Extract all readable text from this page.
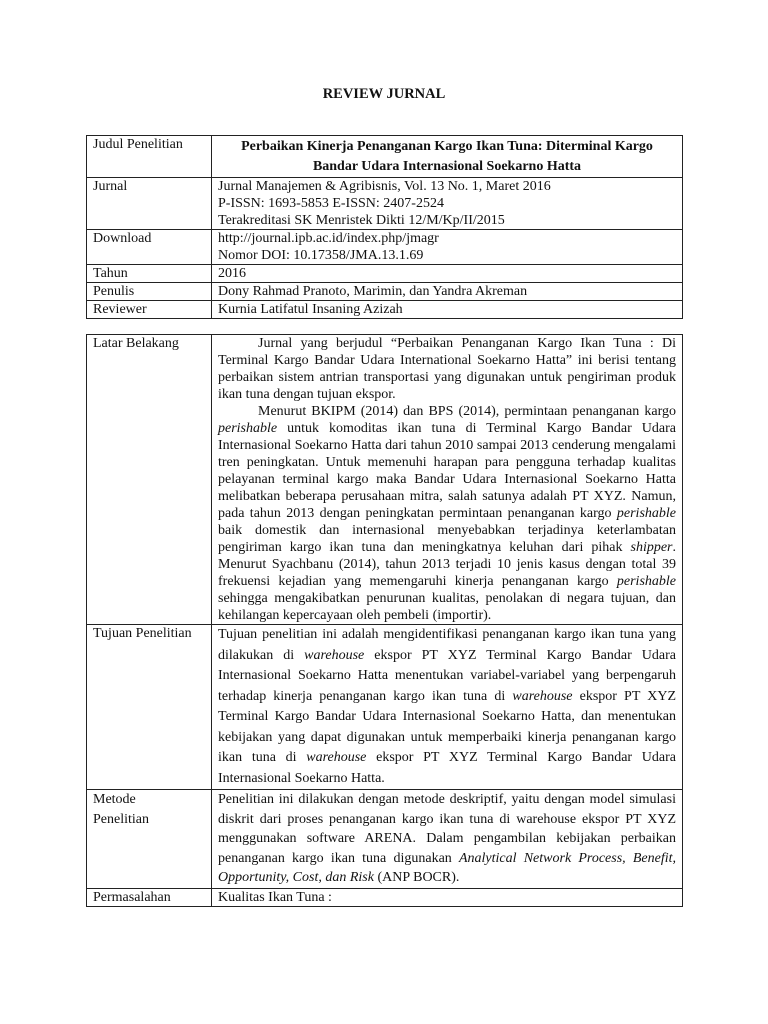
REVIEW JURNAL
Judul Penelitian	Perbaikan Kinerja Penanganan Kargo Ikan Tuna: Diterminal Kargo Bandar Udara Internasional Soekarno Hatta
Jurnal	Jurnal Manajemen & Agribisnis, Vol. 13 No. 1, Maret 2016
P-ISSN: 1693-5853 E-ISSN: 2407-2524
Terakreditasi SK Menristek Dikti 12/M/Kp/II/2015

Download	http://journal.ipb.ac.id/index.php/jmagr
Nomor DOI: 10.17358/JMA.13.1.69

Tahun	2016
Penulis	Dony Rahmad Pranoto, Marimin, dan Yandra Akreman
Reviewer	Kurnia Latifatul Insaning Azizah
Latar Belakang	Jurnal yang berjudul “Perbaikan Penanganan Kargo Ikan Tuna : Di Terminal Kargo Bandar Udara International Soekarno Hatta” ini berisi tentang perbaikan sistem antrian transportasi yang digunakan untuk pengiriman produk ikan tuna dengan tujuan ekspor.

Menurut BKIPM (2014) dan BPS (2014), permintaan penanganan kargo perishable untuk komoditas ikan tuna di Terminal Kargo Bandar Udara Internasional Soekarno Hatta dari tahun 2010 sampai 2013 cenderung mengalami tren peningkatan. Untuk memenuhi harapan para pengguna terhadap kualitas pelayanan terminal kargo maka Bandar Udara Internasional Soekarno Hatta melibatkan beberapa perusahaan mitra, salah satunya adalah PT XYZ. Namun, pada tahun 2013 dengan peningkatan permintaan penanganan kargo perishable baik domestik dan internasional menyebabkan terjadinya keterlambatan pengiriman kargo ikan tuna dan meningkatnya keluhan dari pihak shipper. Menurut Syachbanu (2014), tahun 2013 terjadi 10 jenis kasus dengan total 39 frekuensi kejadian yang memengaruhi kinerja penanganan kargo perishable sehingga mengakibatkan penurunan kualitas, penolakan di negara tujuan, dan kehilangan kepercayaan oleh pembeli (importir).

Tujuan Penelitian	Tujuan penelitian ini adalah mengidentifikasi penanganan kargo ikan tuna yang dilakukan di warehouse ekspor PT XYZ Terminal Kargo Bandar Udara Internasional Soekarno Hatta menentukan variabel-variabel yang berpengaruh terhadap kinerja penanganan kargo ikan tuna di warehouse ekspor PT XYZ Terminal Kargo Bandar Udara Internasional Soekarno Hatta, dan menentukan kebijakan yang dapat digunakan untuk memperbaiki kinerja penanganan kargo ikan tuna di warehouse ekspor PT XYZ Terminal Kargo Bandar Udara Internasional Soekarno Hatta.

Metode
Penelitian	Penelitian ini dilakukan dengan metode deskriptif, yaitu dengan model simulasi diskrit dari proses penanganan kargo ikan tuna di warehouse ekspor PT XYZ menggunakan software ARENA. Dalam pengambilan kebijakan perbaikan penanganan kargo ikan tuna digunakan Analytical Network Process, Benefit, Opportunity, Cost, dan Risk (ANP BOCR).
Permasalahan	Kualitas Ikan Tuna :
